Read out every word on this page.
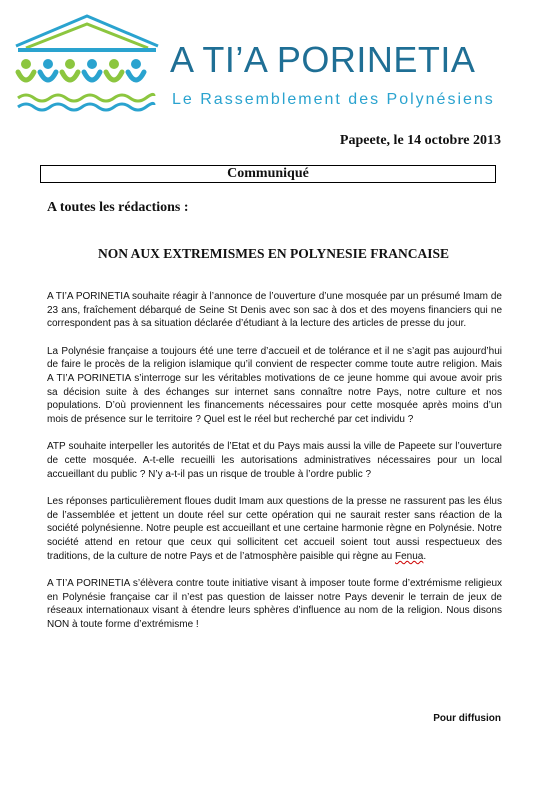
A TI’A PORINETIA
Le Rassemblement des Polynésiens
Papeete, le 14 octobre 2013
Communiqué
A toutes les rédactions :
NON AUX EXTREMISMES EN POLYNESIE FRANCAISE

A TI’A PORINETIA souhaite réagir à l’annonce de l’ouverture d’une mosquée par un présumé Imam de 23 ans, fraîchement débarqué de Seine St Denis avec son sac à dos et des moyens financiers qui ne correspondent pas à sa situation déclarée d’étudiant à la lecture des articles de presse du jour.

La Polynésie française a toujours été une terre d’accueil et de tolérance et il ne s’agit pas aujourd’hui de faire le procès de la religion islamique qu’il convient de respecter comme toute autre religion. Mais A TI’A PORINETIA s’interroge sur les véritables motivations de ce jeune homme qui avoue avoir pris sa décision suite à des échanges sur internet sans connaître notre Pays, notre culture et nos populations. D’où proviennent les financements nécessaires pour cette mosquée après moins d’un mois de présence sur le territoire ? Quel est le réel but recherché par cet individu ?

ATP souhaite interpeller les autorités de l’Etat et du Pays mais aussi la ville de Papeete sur l’ouverture de cette mosquée. A-t-elle recueilli les autorisations administratives nécessaires pour un local accueillant du public ? N’y a-t-il pas un risque de trouble à l’ordre public ?

Les réponses particulièrement floues dudit Imam aux questions de la presse ne rassurent pas les élus de l’assemblée et jettent un doute réel sur cette opération qui ne saurait rester sans réaction de la société polynésienne. Notre peuple est accueillant et une certaine harmonie règne en Polynésie. Notre société attend en retour que ceux qui sollicitent cet accueil soient tout aussi respectueux des traditions, de la culture de notre Pays et de l’atmosphère paisible qui règne au Fenua.

A TI’A PORINETIA s’élèvera contre toute initiative visant à imposer toute forme d’extrémisme religieux en Polynésie française car il n’est pas question de laisser notre Pays devenir le terrain de jeux de réseaux internationaux visant à étendre leurs sphères d’influence au nom de la religion. Nous disons NON à toute forme d’extrémisme !

Pour diffusion
